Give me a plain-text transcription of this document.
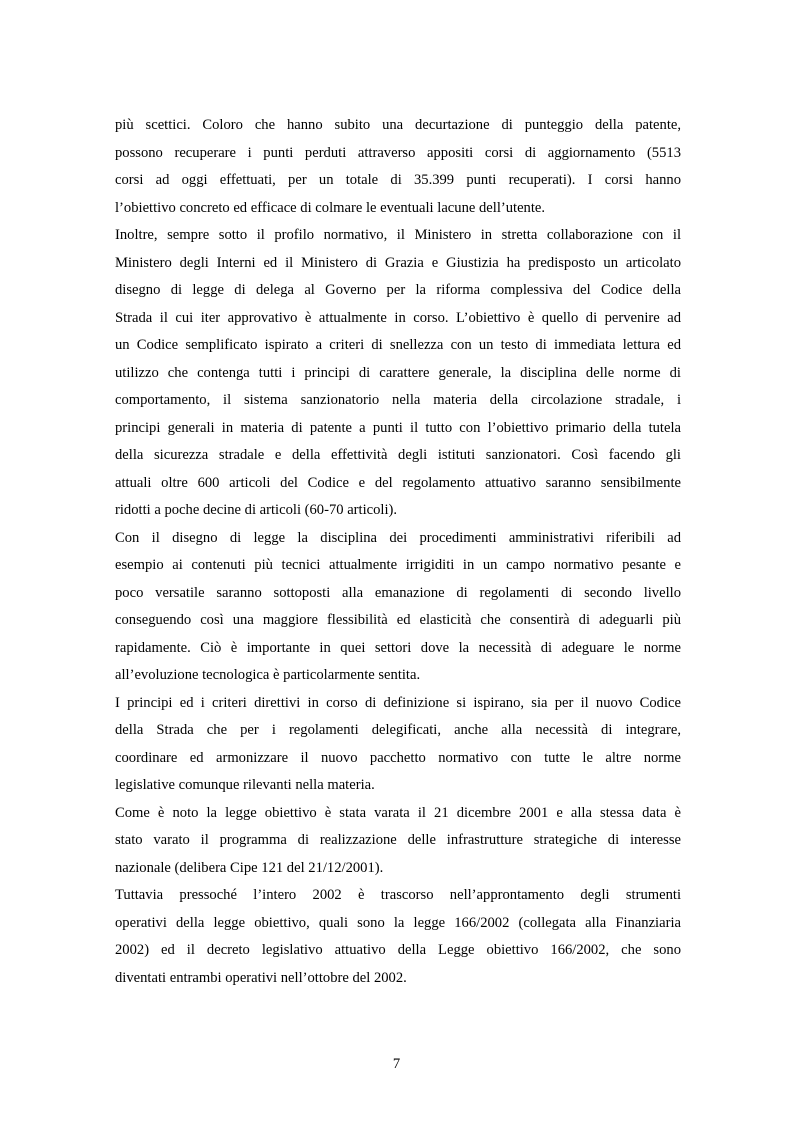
più scettici. Coloro che hanno subito una decurtazione di punteggio della patente,
possono recuperare i punti perduti attraverso appositi corsi di aggiornamento (5513
corsi ad oggi effettuati, per un totale di 35.399 punti recuperati). I corsi hanno
l’obiettivo concreto ed efficace di colmare le eventuali lacune dell’utente.

Inoltre, sempre sotto il profilo normativo, il Ministero in stretta collaborazione con il
Ministero degli Interni ed il Ministero di Grazia e Giustizia ha predisposto un articolato
disegno di legge di delega al Governo per la riforma complessiva del Codice della
Strada il cui iter approvativo è attualmente in corso. L’obiettivo è quello di pervenire ad
un Codice semplificato ispirato a criteri di snellezza con un testo di immediata lettura ed
utilizzo che contenga tutti i principi di carattere generale, la disciplina delle norme di
comportamento, il sistema sanzionatorio nella materia della circolazione stradale, i
principi generali in materia di patente a punti il tutto con l’obiettivo primario della tutela
della sicurezza stradale e della effettività degli istituti sanzionatori. Così facendo gli
attuali oltre 600 articoli del Codice e del regolamento attuativo saranno sensibilmente
ridotti a poche decine di articoli (60-70 articoli).

Con il disegno di legge la disciplina dei procedimenti amministrativi riferibili ad
esempio ai contenuti più tecnici attualmente irrigiditi in un campo normativo pesante e
poco versatile saranno sottoposti alla emanazione di regolamenti di secondo livello
conseguendo così una maggiore flessibilità ed elasticità che consentirà di adeguarli più
rapidamente. Ciò è importante in quei settori dove la necessità di adeguare le norme
all’evoluzione tecnologica è particolarmente sentita.

I principi ed i criteri direttivi in corso di definizione si ispirano, sia per il nuovo Codice
della Strada che per i regolamenti delegificati, anche alla necessità di integrare,
coordinare ed armonizzare il nuovo pacchetto normativo con tutte le altre norme
legislative comunque rilevanti nella materia.

Come è noto la legge obiettivo è stata varata il 21 dicembre 2001 e alla stessa data è
stato varato il programma di realizzazione delle infrastrutture strategiche di interesse
nazionale (delibera Cipe 121 del 21/12/2001).

Tuttavia pressoché l’intero 2002 è trascorso nell’approntamento degli strumenti
operativi della legge obiettivo, quali sono la legge 166/2002 (collegata alla Finanziaria
2002) ed il decreto legislativo attuativo della Legge obiettivo 166/2002, che sono
diventati entrambi operativi nell’ottobre del 2002.

7
